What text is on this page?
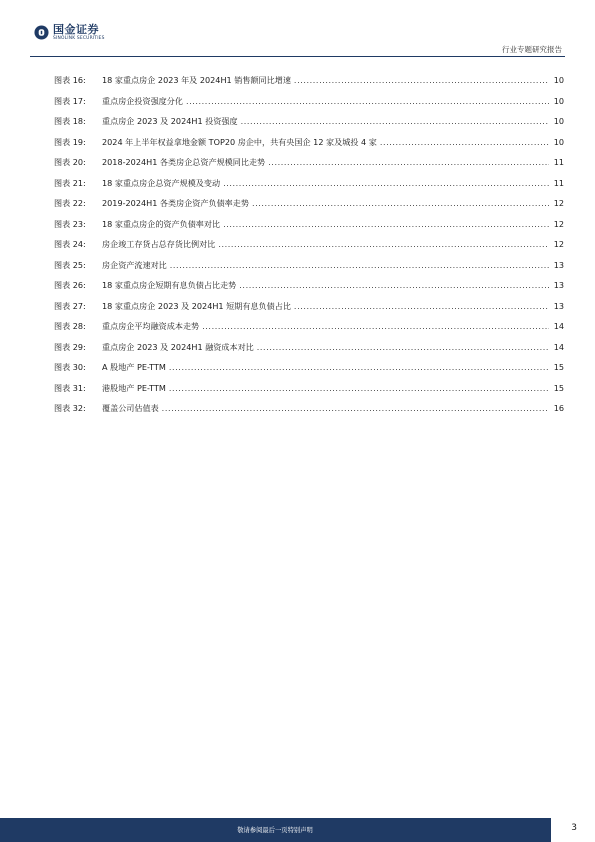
国金证券
SINOLINK SECURITIES
行业专题研究报告
图表 16:	18 家重点房企 2023 年及 2024H1 销售额同比增速 .....	10
图表 17:	重点房企投资强度分化 .....	10
图表 18:	重点房企 2023 及 2024H1 投资强度 .....	10
图表 19:	2024 年上半年权益拿地金额 TOP20 房企中，共有央国企 12 家及城投 4 家 .....	10
图表 20:	2018-2024H1 各类房企总资产规模同比走势 .....	11
图表 21:	18 家重点房企总资产规模及变动 .....	11
图表 22:	2019-2024H1 各类房企资产负债率走势 .....	12
图表 23:	18 家重点房企的资产负债率对比 .....	12
图表 24:	房企竣工存货占总存货比例对比 .....	12
图表 25:	房企资产流速对比 .....	13
图表 26:	18 家重点房企短期有息负债占比走势 .....	13
图表 27:	18 家重点房企 2023 及 2024H1 短期有息负债占比 .....	13
图表 28:	重点房企平均融资成本走势 .....	14
图表 29:	重点房企 2023 及 2024H1 融资成本对比 .....	14
图表 30:	A 股地产 PE-TTM .....	15
图表 31:	港股地产 PE-TTM .....	15
图表 32:	覆盖公司估值表 .....	16
敬请参阅最后一页特别声明	3
